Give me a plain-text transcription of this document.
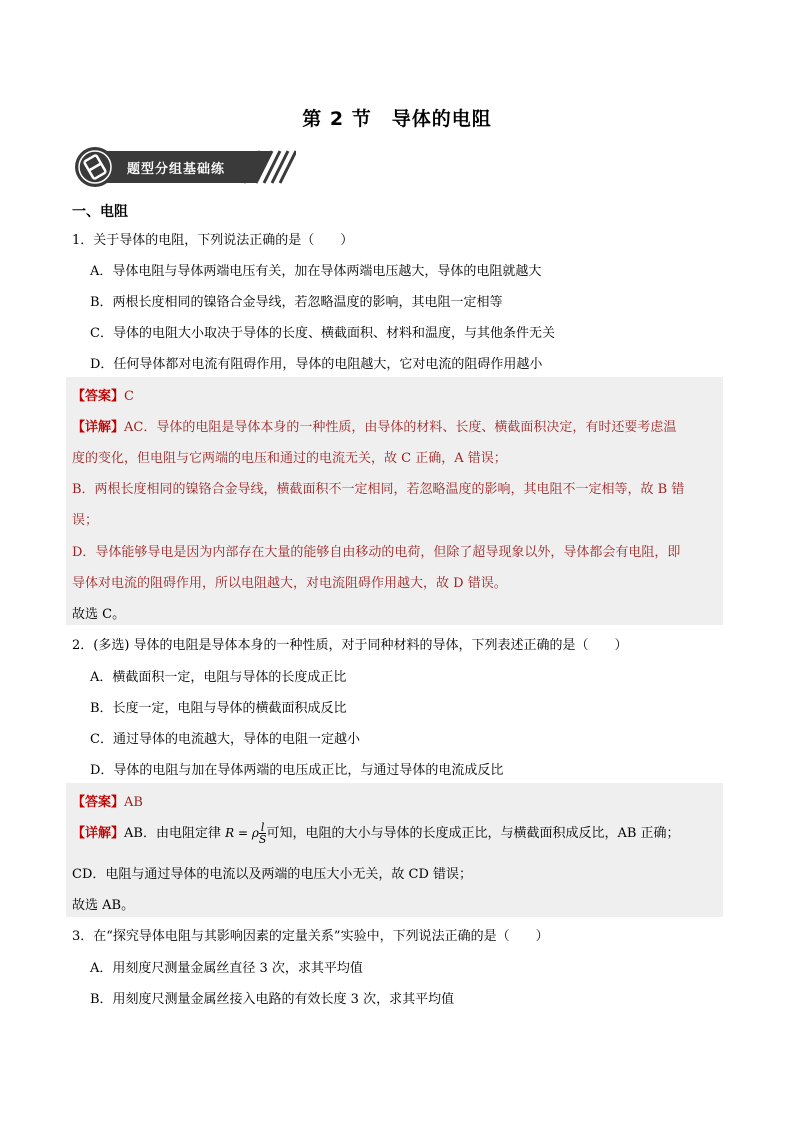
第 2 节　导体的电阻
题型分组基础练
一、电阻
1．关于导体的电阻，下列说法正确的是（　　）
A．导体电阻与导体两端电压有关，加在导体两端电压越大，导体的电阻就越大
B．两根长度相同的镍铬合金导线，若忽略温度的影响，其电阻一定相等
C．导体的电阻大小取决于导体的长度、横截面积、材料和温度，与其他条件无关
D．任何导体都对电流有阻碍作用，导体的电阻越大，它对电流的阻碍作用越小
【答案】C
【详解】AC．导体的电阻是导体本身的一种性质，由导体的材料、长度、横截面积决定，有时还要考虑温
度的变化，但电阻与它两端的电压和通过的电流无关，故 C 正确，A 错误；
B．两根长度相同的镍铬合金导线，横截面积不一定相同，若忽略温度的影响，其电阻不一定相等，故 B 错
误；
D．导体能够导电是因为内部存在大量的能够自由移动的电荷，但除了超导现象以外，导体都会有电阻，即
导体对电流的阻碍作用，所以电阻越大，对电流阻碍作用越大，故 D 错误。
故选 C。
2．(多选) 导体的电阻是导体本身的一种性质，对于同种材料的导体，下列表述正确的是（　　）
A．横截面积一定，电阻与导体的长度成正比
B．长度一定，电阻与导体的横截面积成反比
C．通过导体的电流越大，导体的电阻一定越小
D．导体的电阻与加在导体两端的电压成正比，与通过导体的电流成反比
【答案】AB
【详解】AB．由电阻定律 R = ρ $\frac{l}{S}$ 可知，电阻的大小与导体的长度成正比，与横截面积成反比，AB 正确；
CD．电阻与通过导体的电流以及两端的电压大小无关，故 CD 错误；
故选 AB。
3．在“探究导体电阻与其影响因素的定量关系”实验中，下列说法正确的是（　　）
A．用刻度尺测量金属丝直径 3 次，求其平均值
B．用刻度尺测量金属丝接入电路的有效长度 3 次，求其平均值
